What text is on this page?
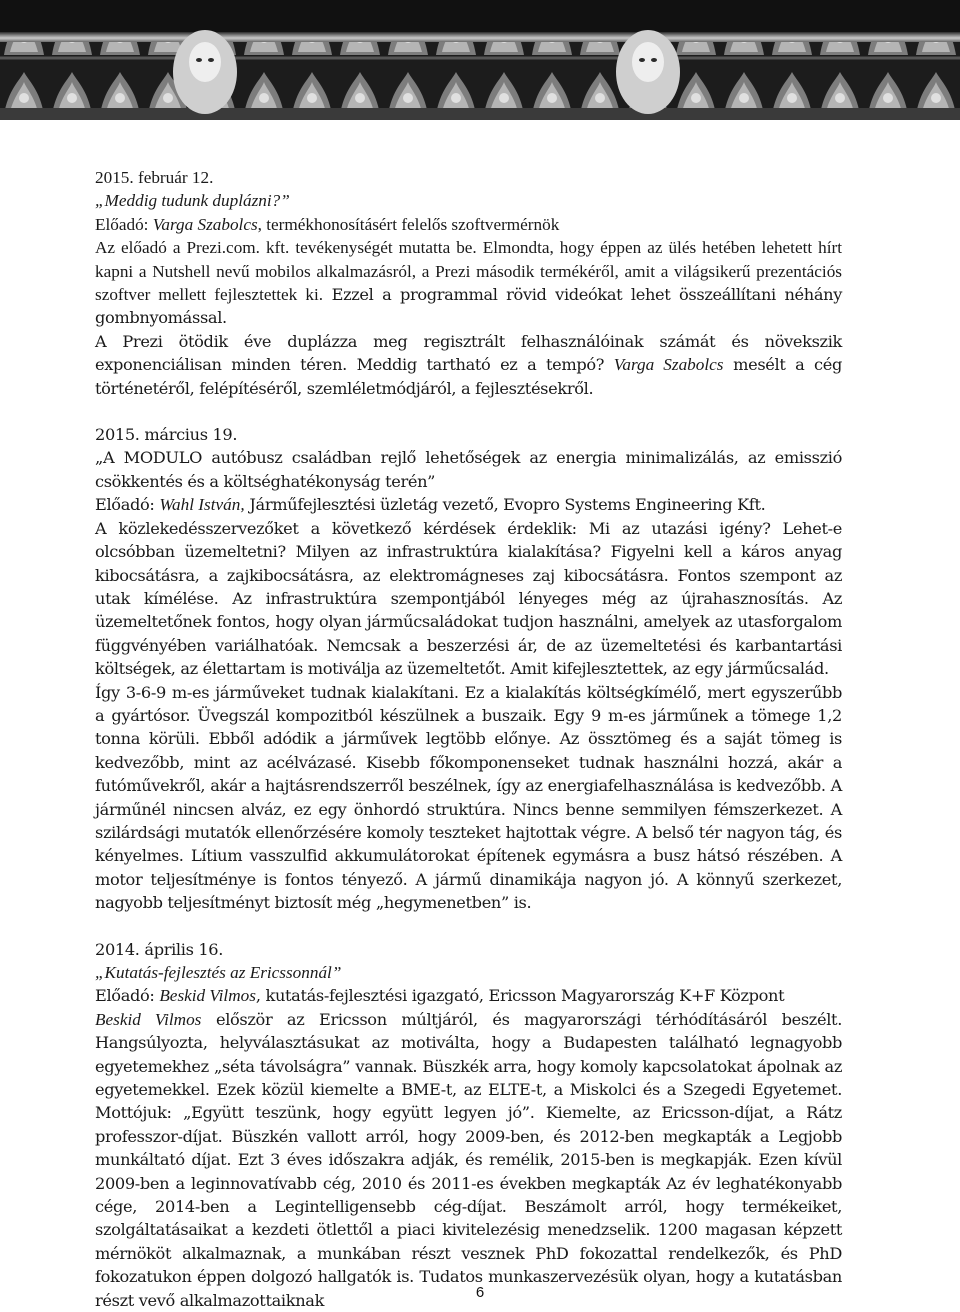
2015. február 12.

„Meddig tudunk duplázni?”

Előadó: Varga Szabolcs, termékhonosításért felelős szoftvermérnök

Az előadó a Prezi.com. kft. tevékenységét mutatta be. Elmondta, hogy éppen az ülés hetében lehetett hírt kapni a Nutshell nevű mobilos alkalmazásról, a Prezi második termékéről, amit a világsikerű prezentációs szoftver mellett fejlesztettek ki. Ezzel a programmal rövid videókat lehet összeállítani néhány gombnyomással.

A Prezi ötödik éve duplázza meg regisztrált felhasználóinak számát és növekszik exponenciálisan minden téren. Meddig tartható ez a tempó? Varga Szabolcs mesélt a cég történetéről, felépítéséről, szemléletmódjáról, a fejlesztésekről.

2015. március 19.

„A MODULO autóbusz családban rejlő lehetőségek az energia minimalizálás, az emisszió csökkentés és a költséghatékonyság terén”

Előadó: Wahl István, Járműfejlesztési üzletág vezető, Evopro Systems Engineering Kft.

A közlekedésszervezőket a következő kérdések érdeklik: Mi az utazási igény? Lehet-e olcsóbban üzemeltetni? Milyen az infrastruktúra kialakítása? Figyelni kell a káros anyag kibocsátásra, a zajkibocsátásra, az elektromágneses zaj kibocsátásra. Fontos szempont az utak kímélése. Az infrastruktúra szempontjából lényeges még az újrahasznosítás. Az üzemeltetőnek fontos, hogy olyan járműcsaládokat tudjon használni, amelyek az utasforgalom függvényében variálhatóak. Nemcsak a beszerzési ár, de az üzemeltetési és karbantartási költségek, az élettartam is motiválja az üzemeltetőt. Amit kifejlesztettek, az egy járműcsalád.

Így 3-6-9 m-es járműveket tudnak kialakítani. Ez a kialakítás költségkímélő, mert egyszerűbb a gyártósor. Üvegszál kompozitból készülnek a buszaik. Egy 9 m-es járműnek a tömege 1,2 tonna körüli. Ebből adódik a járművek legtöbb előnye. Az össztömeg és a saját tömeg is kedvezőbb, mint az acélvázasé. Kisebb főkomponenseket tudnak használni hozzá, akár a futóművekről, akár a hajtásrendszerről beszélnek, így az energiafelhasználása is kedvezőbb. A járműnél nincsen alváz, ez egy önhordó struktúra. Nincs benne semmilyen fémszerkezet. A szilárdsági mutatók ellenőrzésére komoly teszteket hajtottak végre. A belső tér nagyon tág, és kényelmes. Lítium vasszulfid akkumulátorokat építenek egymásra a busz hátsó részében. A motor teljesítménye is fontos tényező. A jármű dinamikája nagyon jó. A könnyű szerkezet, nagyobb teljesítményt biztosít még „hegymenetben” is.

2014. április 16.

„Kutatás-fejlesztés az Ericssonnál”

Előadó: Beskid Vilmos, kutatás-fejlesztési igazgató, Ericsson Magyarország K+F Központ

Beskid Vilmos először az Ericsson múltjáról, és magyarországi térhódításáról beszélt. Hangsúlyozta, helyválasztásukat az motiválta, hogy a Budapesten található legnagyobb egyetemekhez „séta távolságra” vannak. Büszkék arra, hogy komoly kapcsolatokat ápolnak az egyetemekkel. Ezek közül kiemelte a BME-t, az ELTE-t, a Miskolci és a Szegedi Egyetemet. Mottójuk: „Együtt teszünk, hogy együtt legyen jó”. Kiemelte, az Ericsson-díjat, a Rátz professzor-díjat. Büszkén vallott arról, hogy 2009-ben, és 2012-ben megkapták a Legjobb munkáltató díjat. Ezt 3 éves időszakra adják, és remélik, 2015-ben is megkapják. Ezen kívül 2009-ben a leginnovatívabb cég, 2010 és 2011-es években megkapták Az év leghatékonyabb cége, 2014-ben a Legintelligensebb cég-díjat. Beszámolt arról, hogy termékeiket, szolgáltatásaikat a kezdeti ötlettől a piaci kivitelezésig menedzselik. 1200 magasan képzett mérnököt alkalmaznak, a munkában részt vesznek PhD fokozattal rendelkezők, és PhD fokozatukon éppen dolgozó hallgatók is. Tudatos munkaszervezésük olyan, hogy a kutatásban részt vevő alkalmazottaiknak	6
